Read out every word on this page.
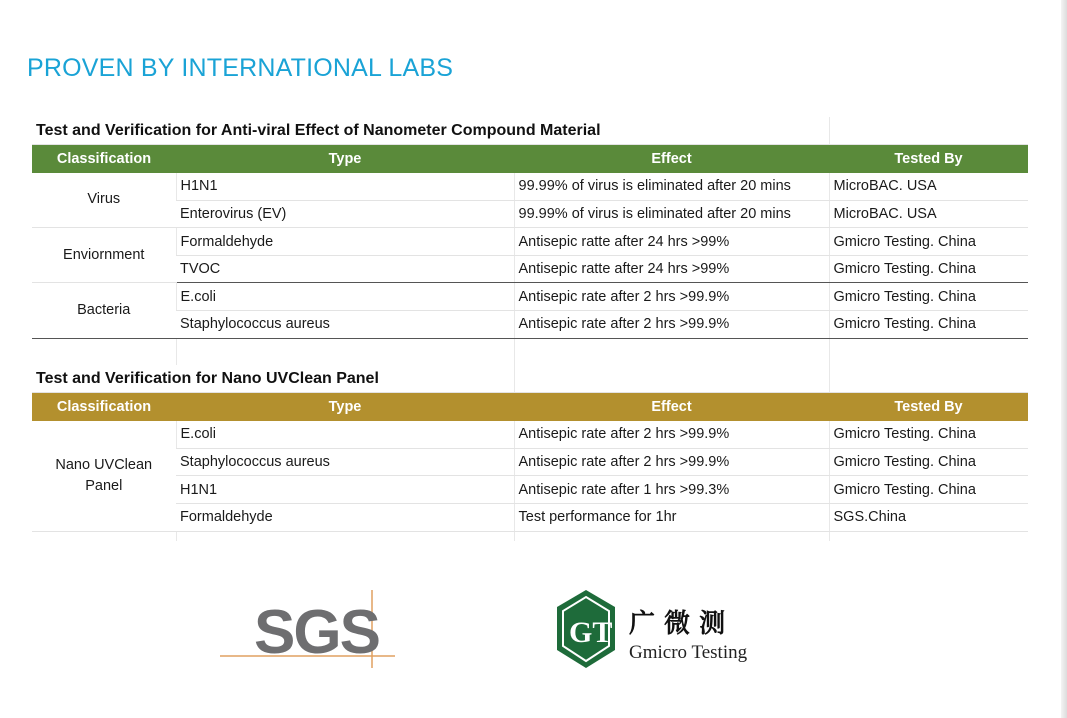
PROVEN BY INTERNATIONAL LABS
Test and Verification for Anti-viral Effect of Nanometer Compound Material			
Classification	Type	Effect	Tested By
Virus	H1N1	99.99% of virus is eliminated after 20 mins	MicroBAC. USA
	Enterovirus (EV)	99.99% of virus is eliminated after 20 mins	MicroBAC. USA
Enviornment	Formaldehyde	Antisepic ratte after 24 hrs >99%	Gmicro Testing. China
	TVOC	Antisepic ratte after 24 hrs >99%	Gmicro Testing. China
Bacteria	E.coli	Antisepic rate after 2 hrs >99.9%	Gmicro Testing. China
	Staphylococcus aureus	Antisepic rate after 2 hrs >99.9%	Gmicro Testing. China

Test and Verification for Nano UVClean Panel			
Classification	Type	Effect	Tested By
Nano UVClean Panel	E.coli	Antisepic rate after 2 hrs >99.9%	Gmicro Testing. China
	Staphylococcus aureus	Antisepic rate after 2 hrs >99.9%	Gmicro Testing. China
	H1N1	Antisepic rate after 1 hrs >99.3%	Gmicro Testing. China
	Formaldehyde	Test performance for 1hr	SGS.China

SGS	GT 广 微 测
Gmicro Testing
